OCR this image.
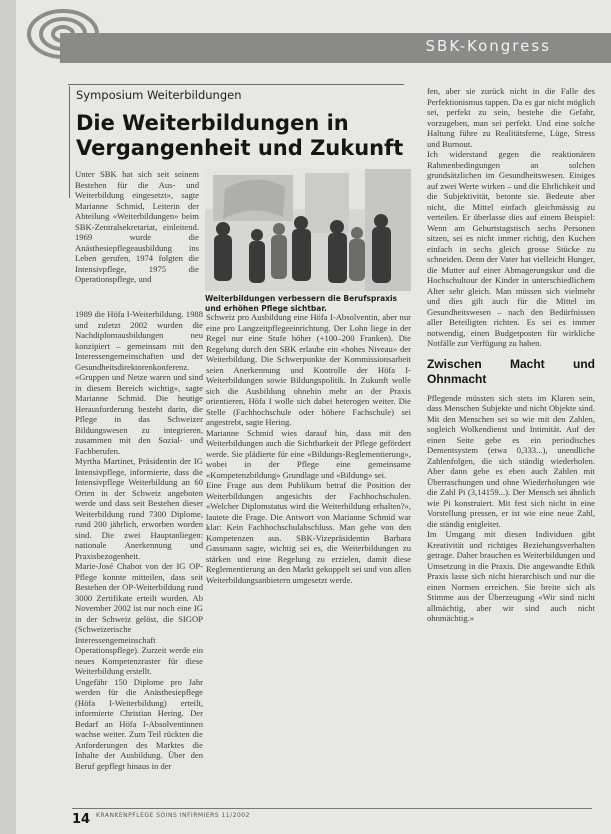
SBK-Kongress
Symposium Weiterbildungen
Die Weiterbildungen in Vergangenheit und Zukunft
Weiterbildungen verbessern die Berufspraxis und erhöhen Pflege sichtbar.

Unter SBK hat sich seit seinem Bestehen für die Aus- und Weiterbildung eingesetzt», sagte Marianne Schmid, Leiterin der Abteilung «Weiterbildungen» beim SBK-Zentralsekretariat, einleitend. 1969 wurde die Anästhesiepflegeausbildung ins Leben gerufen, 1974 folgten die Intensivpflege, 1975 die Operationspflege, und

1989 die Höfa I-Weiterbildung. 1988 und zuletzt 2002 wurden die Nachdiplomausbildungen neu konzipiert – gemeinsam mit den Interessengemeinschaften und der Gesundheitsdirektorenkonferenz. «Gruppen und Netze waren und sind in diesem Bereich wichtig», sagte Marianne Schmid. Die heutige Herausforderung besteht darin, die Pflege in das Schweizer Bildungswesen zu integrieren, zusammen mit den Sozial- und Fachberufen.

Myrtha Martinet, Präsidentin der IG Intensivpflege, informierte, dass die Intensivpflege Weiterbildung an 60 Orten in der Schweiz angeboten werde und dass seit Bestehen dieser Weiterbildung rund 7300 Diplome, rund 200 jährlich, erworben worden sind. Die zwei Hauptanliegen: nationale Anerkennung und Praxisbezogenheit.

Marie-José Chabot von der IG OP-Pflege konnte mitteilen, dass seit Bestehen der OP-Weiterbildung rund 3000 Zertifikate erteilt wurden. Ab November 2002 ist nur noch eine IG in der Schweiz gelöst, die SIGOP (Schweizerische Interessengemeinschaft Operationspflege). Zurzeit werde ein neues Kompetenzraster für diese Weiterbildung erstellt.

Ungefähr 150 Diplome pro Jahr werden für die Anästhesiepflege (Höfa I-Weiterbildung) erteilt, informierte Christian Hering. Der Bedarf an Höfa I-Absolventinnen wachse weiter. Zum Teil rückten die Anforderungen des Marktes die Inhalte der Ausbildung. Über den Beruf gepflegt hinaus in der

Schweiz pro Ausbildung eine Höfa I-Absolventin, aber nur eine pro Langzeitpflegeeinrichtung. Der Lohn liege in der Regel nur eine Stufe höher (+100–200 Franken). Die Regelung durch den SBK erlaube ein «hohes Niveau» der Weiterbildung. Die Schwerpunkte der Kommissionsarbeit seien Anerkennung und Kontrolle der Höfa I-Weiterbildungen sowie Bildungspolitik. In Zukunft wolle sich die Ausbildung ohnehin mehr an der Praxis orientieren, Höfa I wolle sich dabei heterogen weiter. Die Stelle (Fachhochschule oder höhere Fachschule) sei angestrebt, sagte Hering.

Marianne Schmid wies darauf hin, dass mit den Weiterbildungen auch die Sichtbarkeit der Pflege gefördert werde. Sie plädierte für eine «Bildungs-Reglementierung», wobei in der Pflege eine gemeinsame «Kompetenzbildung» Grundlage und «Bildung» sei.

Eine Frage aus dem Publikum betraf die Position der Weiterbildungen angesichts der Fachhochschulen. «Welcher Diplomstatus wird die Weiterbildung erhalten?», lautete die Frage. Die Antwort von Marianne Schmid war klar: Kein Fachhochschulabschluss. Man gehe von den Kompetenzen aus. SBK-Vizepräsidentin Barbara Gassmann sagte, wichtig sei es, die Weiterbildungen zu stärken und eine Regelung zu erzielen, damit diese Reglementierung an den Markt gekoppelt sei und von allen Weiterbildungsanbietern umgesetzt werde.

fen, aber sie zurück nicht in die Falle des Perfektionismus tappen. Da es gar nicht möglich sei, perfekt zu sein, bestehe die Gefahr, vorzugeben, man sei perfekt. Und eine solche Haltung führe zu Realitätsferne, Lüge, Stress und Burnout.

Ich widerstand gegen die reaktionären Rahmenbedingungen an solchen grundsätzlichen im Gesundheitswesen. Einiges auf zwei Werte wirken – und die Ehrlichkeit und die Subjektivität, betonte sie. Bedeute aber nicht, die Mittel einfach gleichmässig zu verteilen. Er überlasse dies auf einem Beispiel: Wenn am Geburtstagstisch sechs Personen sitzen, sei es nicht immer richtig, den Kuchen einfach in sechs gleich grosse Stücke zu schneiden. Denn der Vater hat vielleicht Hunger, die Mutter auf einer Abmagerungskur und die Hochschultour der Kinder in unterschiedlichem Alter sehr gleich. Man müssen sich vielmehr und dies gilt auch für die Mittel im Gesundheitswesen – nach den Bedürfnissen aller Beteiligten richten. Es sei es immer notwendig, einen Budgetposten für wirkliche Notfälle zur Verfügung zu haben.

Zwischen Macht und Ohnmacht

Pflegende müssten sich stets im Klaren sein, dass Menschen Subjekte und nicht Objekte sind. Mit den Menschen sei so wie mit den Zahlen, sogleich Wolkendienst und Intimität. Auf der einen Seite gebe es ein periodisches Dementsystem (etwa 0,333...), unendliche Zahlenfolgen, die sich ständig wiederholen. Aber dann gebe es eben auch Zahlen mit Überraschungen und ohne Wiederholungen wie die Zahl Pi (3,14159...). Der Mensch sei ähnlich wie Pi konstruiert. Mit fest sich nicht in eine Vorstellung pressen, er ist wie eine neue Zahl, die ständig entgleitet.

Im Umgang mit diesen Individuen gibt Kreativität und richtiges Beziehungsverhalten getrage. Daher brauchen es Weiterbildungen und Umsetzung in die Praxis. Die angewandte Ethik Praxis lasse sich nicht hierarchisch und nur die einen Normen erreichen. Sie breite sich als Stimme aus der Überzeugung «Wir sind nicht allmächtig, aber wir sind auch nicht ohnmächtig.»

14 KRANKENPFLEGE SOINS INFIRMIERS 11/2002
